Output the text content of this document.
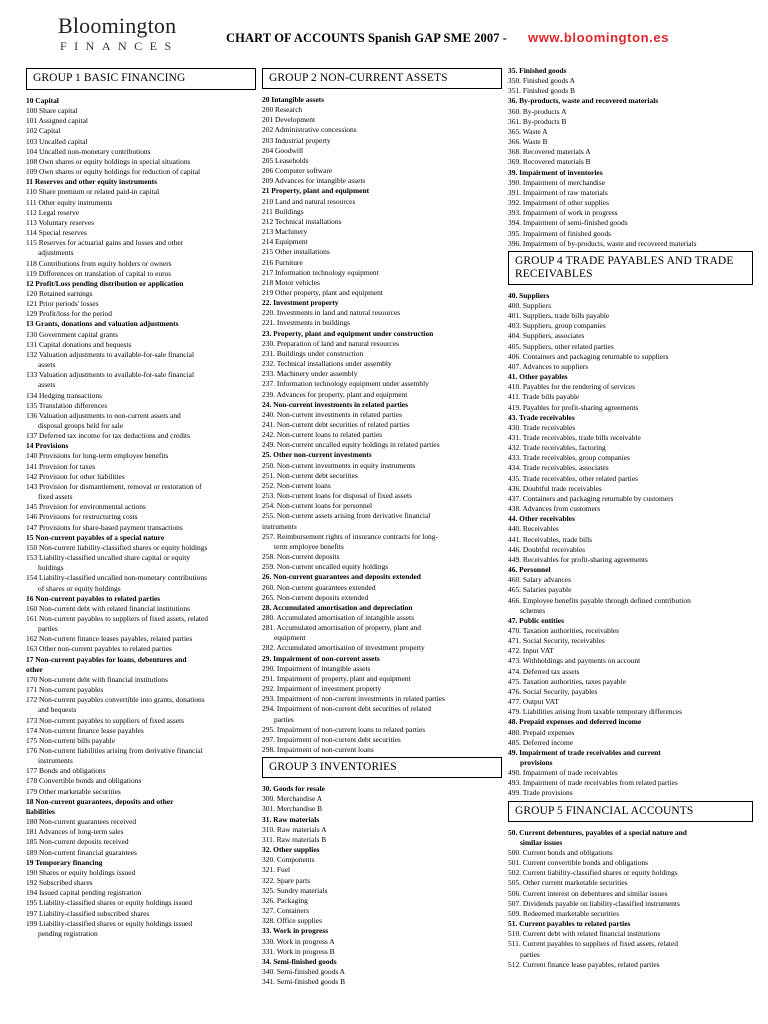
Bloomington
FINANCES
CHART OF ACCOUNTS Spanish GAP SME 2007 - www.bloomington.es
GROUP 1 BASIC FINANCING
10 Capital
100 Share capital
101 Assigned capital
102 Capital
103 Uncalled capital
104 Uncalled non-monetary contributions
108 Own shares or equity holdings in special situations
109 Own shares or equity holdings for reduction of capital
11 Reserves and other equity instruments
110 Share premium or related paid-in capital
111 Other equity instruments
112 Legal reserve
113 Voluntary reserves
114 Special reserves
115 Reserves for actuarial gains and losses and other
adjustments
118 Contributions from equity holders or owners
119 Differences on translation of capital to euros
12 Profit/Loss pending distribution or application
120 Retained earnings
121 Prior periods' losses
129 Profit/loss for the period
13 Grants, donations and valuation adjustments
130 Government capital grants
131 Capital donations and bequests
132 Valuation adjustments to available-for-sale financial
assets
133 Valuation adjustments to available-for-sale financial
assets
134 Hedging transactions
135 Translation differences
136 Valuation adjustments to non-current assets and
disposal groups held for sale
137 Deferred tax income for tax deductions and credits
14 Provisions
140 Provisions for long-term employee benefits
141 Provision for taxes
142 Provision for other liabilities
143 Provision for dismantlement, removal or restoration of
fixed assets
145 Provision for environmental actions
146 Provisions for restructuring costs
147 Provisions for share-based payment transactions
15 Non-current payables of a special nature
150 Non-current liability-classified shares or equity holdings
153 Liability-classified uncalled share capital or equity
holdings
154 Liability-classified uncalled non-monetary contributions
of shares or equity holdings
16 Non-current payables to related parties
160 Non-current debt with related financial institutions
161 Non-current payables to suppliers of fixed assets, related
parties
162 Non-current finance leases payables, related parties
163 Other non-current payables to related parties
17 Non-current payables for loans, debentures and
other
170 Non-current debt with financial institutions
171 Non-current payables
172 Non-current payables convertible into grants, donations
and bequests
173 Non-current payables to suppliers of fixed assets
174 Non-current finance lease payables
175 Non-current bills payable
176 Non-current liabilities arising from derivative financial
instruments
177 Bonds and obligations
178 Convertible bonds and obligations
179 Other marketable securities
18 Non-current guarantees, deposits and other
liabilities
180 Non-current guarantees received
181 Advances of long-term sales
185 Non-current deposits received
189 Non-current financial guarantees
19 Temporary financing
190 Shares or equity holdings issued
192 Subscribed shares
194 Issued capital pending registration
195 Liability-classified shares or equity holdings issued
197 Liability-classified subscribed shares
199 Liability-classified shares or equity holdings issued
pending registration
GROUP 2 NON-CURRENT ASSETS
20 Intangible assets
200 Research
201 Development
202 Administrative concessions
203 Industrial property
204 Goodwill
205 Leaseholds
206 Computer software
209 Advances for intangible assets
21 Property, plant and equipment
210 Land and natural resources
211 Buildings
212 Technical installations
213 Machinery
214 Equipment
215 Other installations
216 Furniture
217 Information technology equipment
218 Motor vehicles
219 Other property, plant and equipment
22. Investment property
220. Investments in land and natural resources
221. Investments in buildings
23. Property, plant and equipment under construction
230. Preparation of land and natural resources
231. Buildings under construction
232. Technical installations under assembly
233. Machinery under assembly
237. Information technology equipment under assembly
239. Advances for property, plant and equipment
24. Non-current investments in related parties
240. Non-current investments in related parties
241. Non-current debt securities of related parties
242. Non-current loans to related parties
249. Non-current uncalled equity holdings in related parties
25. Other non-current investments
250. Non-current investments in equity instruments
251. Non-current debt securities
252. Non-current loans
253. Non-current loans for disposal of fixed assets
254. Non-current loans for personnel
255. Non-current assets arising from derivative financial
instruments
257. Reimbursement rights of insurance contracts for long-
term employee benefits
258. Non-current deposits
259. Non-current uncalled equity holdings
26. Non-current guarantees and deposits extended
260. Non-current guarantees extended
265. Non-current deposits extended
28. Accumulated amortisation and depreciation
280. Accumulated amortisation of intangible assets
281. Accumulated amortisation of property, plant and
equipment
282. Accumulated amortisation of investment property
29. Impairment of non-current assets
290. Impairment of intangible assets
291. Impairment of property, plant and equipment
292. Impairment of investment property
293. Impairment of non-current investments in related parties
294. Impairment of non-current debt securities of related
parties
295. Impairment of non-current loans to related parties
297. Impairment of non-current debt securities
298. Impairment of non-current loans
GROUP 3 INVENTORIES
30. Goods for resale
300. Merchandise A
301. Merchandise B
31. Raw materials
310. Raw materials A
311. Raw materials B
32. Other supplies
320. Components
321. Fuel
322. Spare parts
325. Sundry materials
326. Packaging
327. Containers
328. Office supplies
33. Work in progress
330. Work in progress A
331. Work in progress B
34. Semi-finished goods
340. Semi-finished goods A
341. Semi-finished goods B
35. Finished goods
350. Finished goods A
351. Finished goods B
36. By-products, waste and recovered materials
360. By-products A
361. By-products B
365. Waste A
366. Waste B
368. Recovered materials A
369. Recovered materials B
39. Impairment of inventories
390. Impairment of merchandise
391. Impairment of raw materials
392. Impairment of other supplies
393. Impairment of work in progress
394. Impairment of semi-finished goods
395. Impairment of finished goods
396. Impairment of by-products, waste and recovered materials
GROUP 4 TRADE PAYABLES AND TRADE RECEIVABLES
40. Suppliers
400. Suppliers
401. Suppliers, trade bills payable
403. Suppliers, group companies
404. Suppliers, associates
405. Suppliers, other related parties
406. Containers and packaging returnable to suppliers
407. Advances to suppliers
41. Other payables
410. Payables for the rendering of services
411. Trade bills payable
419. Payables for profit-sharing agreements
43. Trade receivables
430. Trade receivables
431. Trade receivables, trade bills receivable
432. Trade receivables, factoring
433. Trade receivables, group companies
434. Trade receivables, associates
435. Trade receivables, other related parties
436. Doubtful trade receivables
437. Containers and packaging returnable by customers
438. Advances from customers
44. Other receivables
440. Receivables
441. Receivables, trade bills
446. Doubtful receivables
449. Receivables for profit-sharing agreements
46. Personnel
460. Salary advances
465. Salaries payable
466. Employee benefits payable through defined contribution
schemes
47. Public entities
470. Taxation authorities, receivables
471. Social Security, receivables
472. Input VAT
473. Withholdings and payments on account
474. Deferred tax assets
475. Taxation authorities, taxes payable
476. Social Security, payables
477. Output VAT
479. Liabilities arising from taxable temporary differences
48. Prepaid expenses and deferred income
480. Prepaid expenses
485. Deferred income
49. Impairment of trade receivables and current
provisions
490. Impairment of trade receivables
493. Impairment of trade receivables from related parties
499. Trade provisions
GROUP 5 FINANCIAL ACCOUNTS
50. Current debentures, payables of a special nature and
similar issues
500. Current bonds and obligations
501. Current convertible bonds and obligations
502. Current liability-classified shares or equity holdings
505. Other current marketable securities
506. Current interest on debentures and similar issues
507. Dividends payable on liability-classified instruments
509. Redeemed marketable securities
51. Current payables to related parties
510. Current debt with related financial institutions
511. Current payables to suppliers of fixed assets, related
parties
512. Current finance lease payables, related parties
